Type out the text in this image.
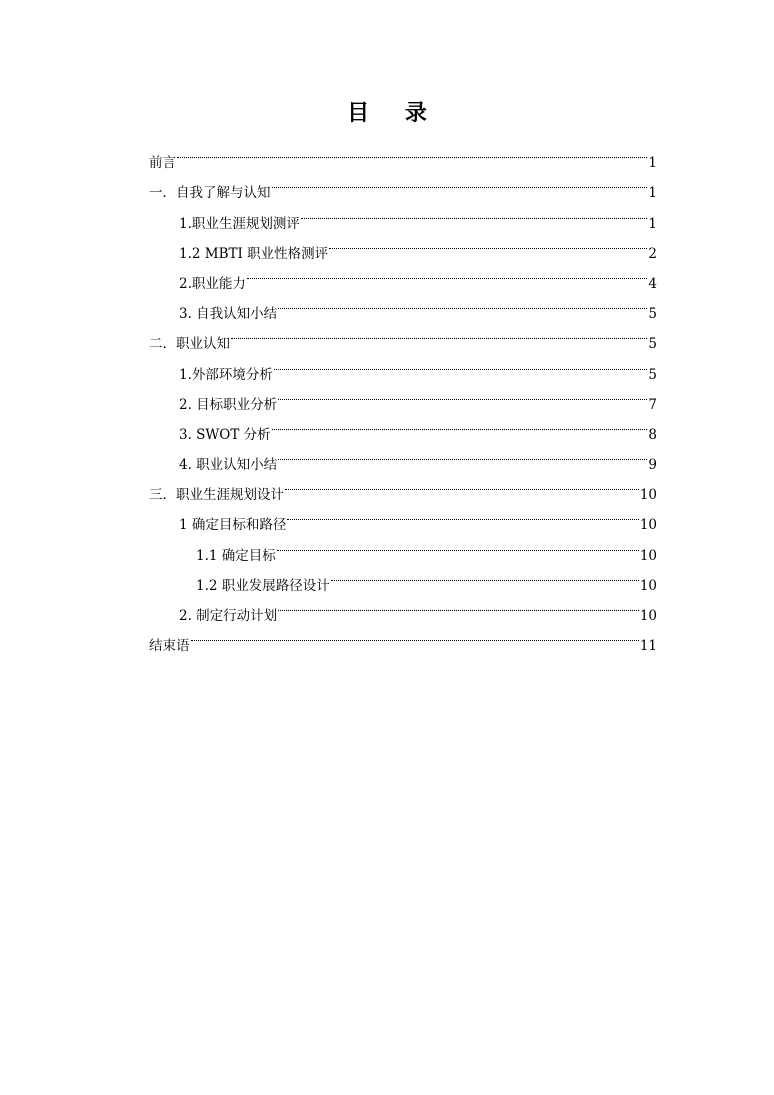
目 录
前言	1
一．自我了解与认知	1
1.职业生涯规划测评	1
1.2 MBTI 职业性格测评	2
2.职业能力	4
3. 自我认知小结	5
二．职业认知	5
1.外部环境分析	5
2. 目标职业分析	7
3. SWOT 分析	8
4. 职业认知小结	9
三．职业生涯规划设计	10
1 确定目标和路径	10
1.1 确定目标	10
1.2 职业发展路径设计	10
2. 制定行动计划	10
结束语	11
